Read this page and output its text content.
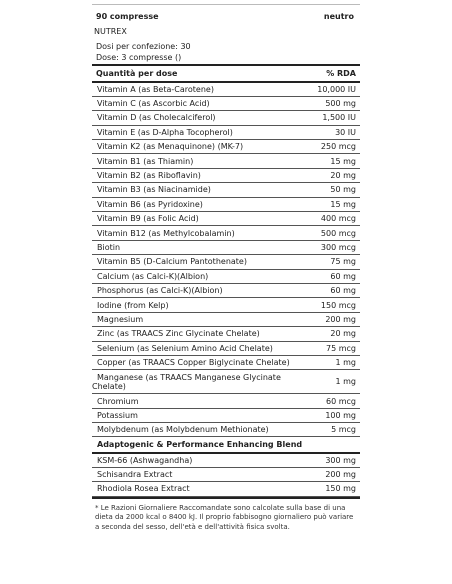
90 compresse	neutro
NUTREX
Dosi per confezione: 30
Dose: 3 compresse ()
Quantità per dose	% RDA
Vitamin A (as Beta-Carotene)	10,000 IU
Vitamin C (as Ascorbic Acid)	500 mg
Vitamin D (as Cholecalciferol)	1,500 IU
Vitamin E (as D-Alpha Tocopherol)	30 IU
Vitamin K2 (as Menaquinone) (MK-7)	250 mcg
Vitamin B1 (as Thiamin)	15 mg
Vitamin B2 (as Riboflavin)	20 mg
Vitamin B3 (as Niacinamide)	50 mg
Vitamin B6 (as Pyridoxine)	15 mg
Vitamin B9 (as Folic Acid)	400 mcg
Vitamin B12 (as Methylcobalamin)	500 mcg
Biotin	300 mcg
Vitamin B5 (D-Calcium Pantothenate)	75 mg
Calcium (as Calci-K)(Albion)	60 mg
Phosphorus (as Calci-K)(Albion)	60 mg
Iodine (from Kelp)	150 mcg
Magnesium	200 mg
Zinc (as TRAACS Zinc Glycinate Chelate)	20 mg
Selenium (as Selenium Amino Acid Chelate)	75 mcg
Copper (as TRAACS Copper Biglycinate Chelate)	1 mg
Manganese (as TRAACS Manganese Glycinate Chelate)	1 mg
Chromium	60 mcg
Potassium	100 mg
Molybdenum (as Molybdenum Methionate)	5 mcg
Adaptogenic & Performance Enhancing Blend	
KSM-66 (Ashwagandha)	300 mg
Schisandra Extract	200 mg
Rhodiola Rosea Extract	150 mg
* Le Razioni Giornaliere Raccomandate sono calcolate sulla base di una dieta da 2000 kcal o 8400 kJ. Il proprio fabbisogno giornaliero può variare a seconda del sesso, dell'età e dell'attività fisica svolta.
